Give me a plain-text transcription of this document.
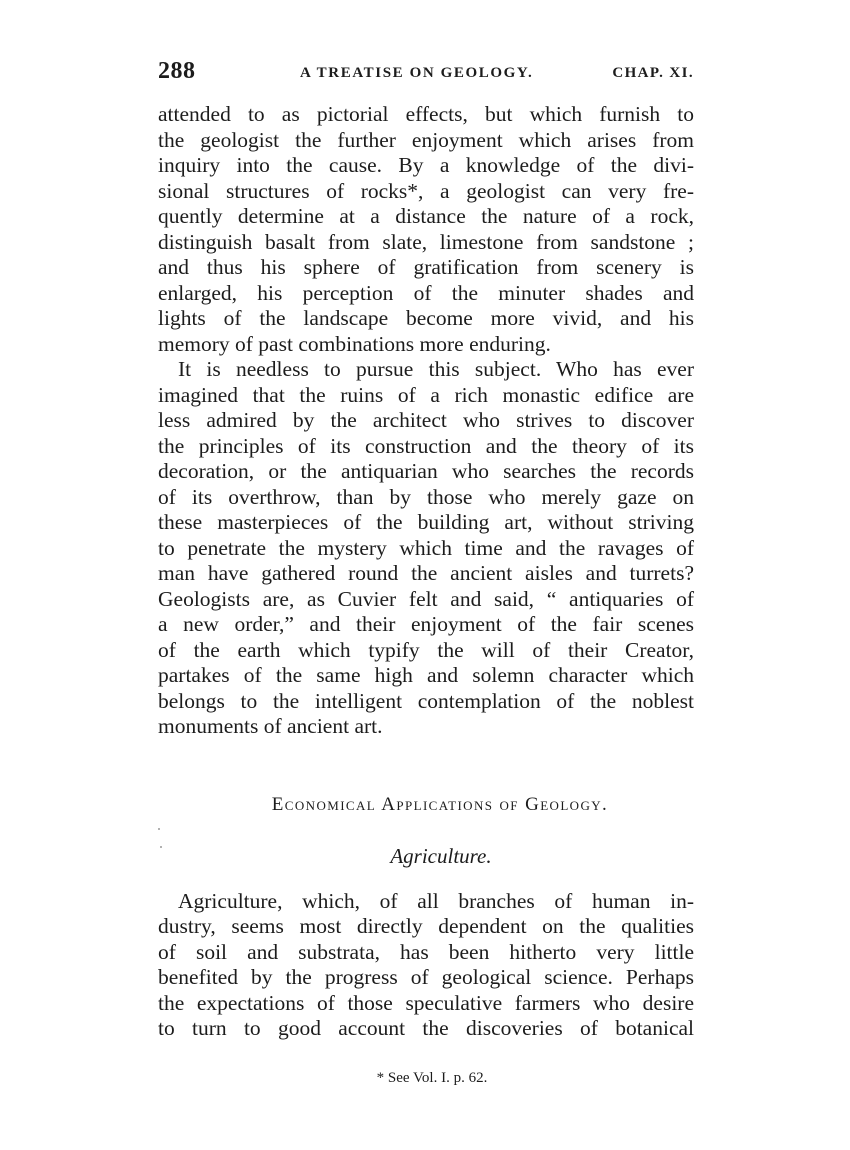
288	A TREATISE ON GEOLOGY.	CHAP. XI.
attended to as pictorial effects, but which furnish to
the geologist the further enjoyment which arises from
inquiry into the cause. By a knowledge of the divi-
sional structures of rocks*, a geologist can very fre-
quently determine at a distance the nature of a rock,
distinguish basalt from slate, limestone from sandstone ;
and thus his sphere of gratification from scenery is
enlarged, his perception of the minuter shades and
lights of the landscape become more vivid, and his
memory of past combinations more enduring.
It is needless to pursue this subject. Who has ever
imagined that the ruins of a rich monastic edifice are
less admired by the architect who strives to discover
the principles of its construction and the theory of its
decoration, or the antiquarian who searches the records
of its overthrow, than by those who merely gaze on
these masterpieces of the building art, without striving
to penetrate the mystery which time and the ravages of
man have gathered round the ancient aisles and turrets?
Geologists are, as Cuvier felt and said, “ antiquaries of
a new order,” and their enjoyment of the fair scenes
of the earth which typify the will of their Creator,
partakes of the same high and solemn character which
belongs to the intelligent contemplation of the noblest
monuments of ancient art.
Economical Applications of Geology.
Agriculture.
Agriculture, which, of all branches of human in-
dustry, seems most directly dependent on the qualities
of soil and substrata, has been hitherto very little
benefited by the progress of geological science. Perhaps
the expectations of those speculative farmers who desire
to turn to good account the discoveries of botanical
* See Vol. I. p. 62.
